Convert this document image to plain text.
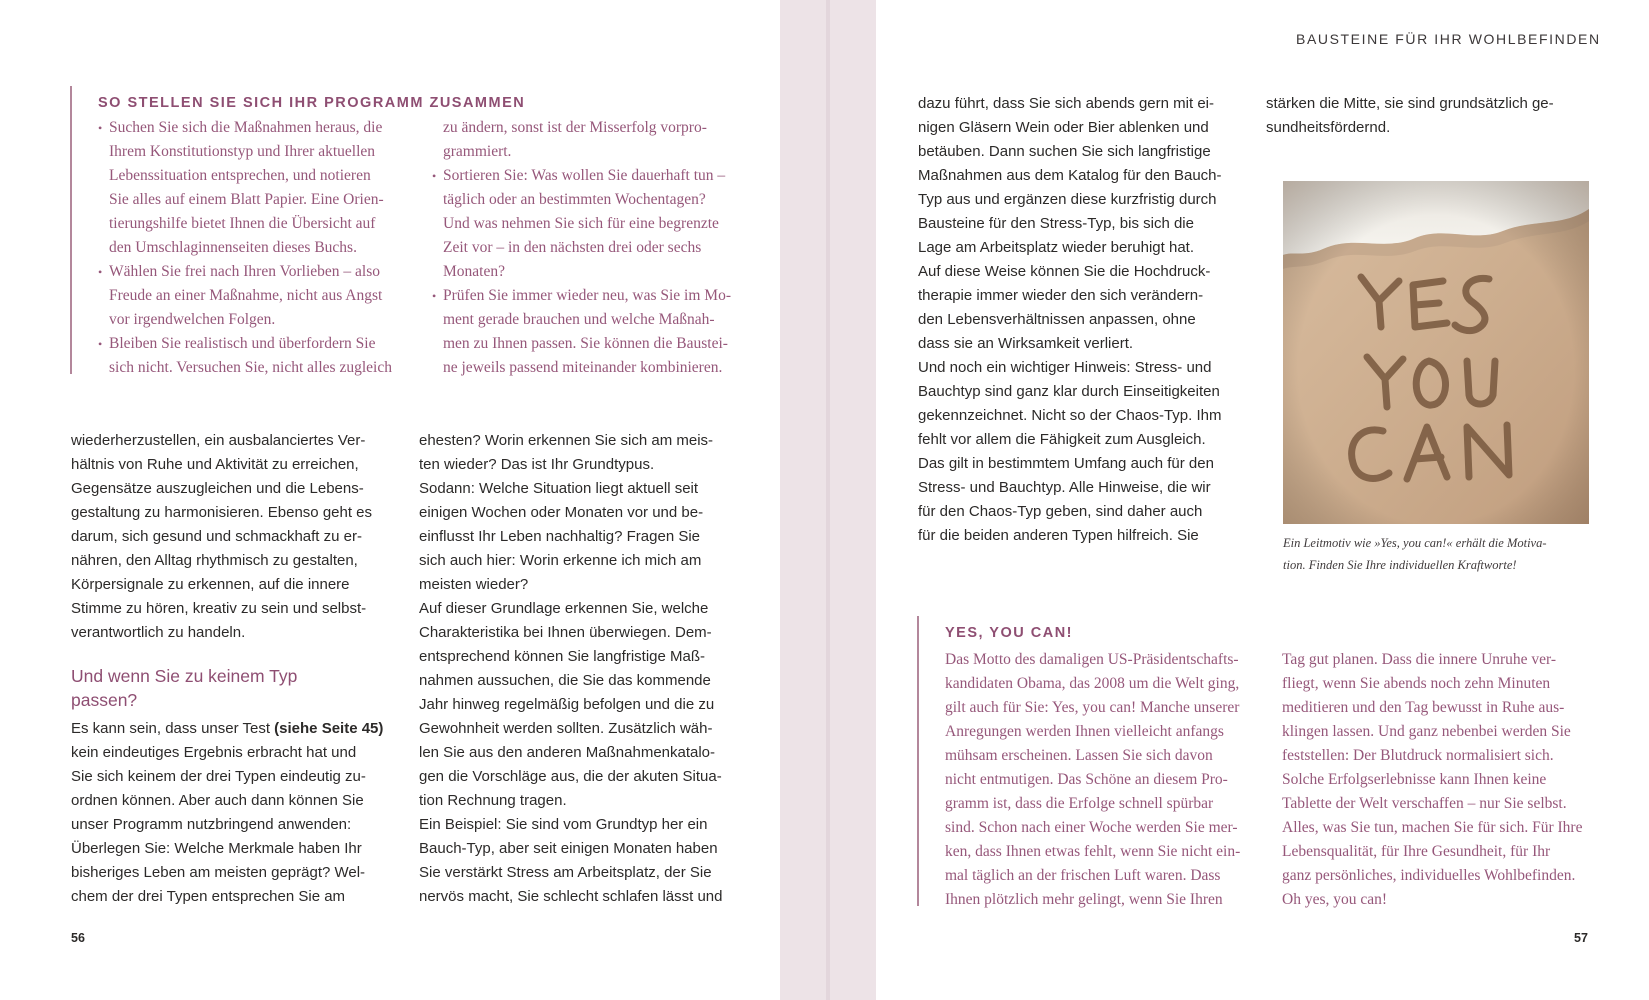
BAUSTEINE FÜR IHR WOHLBEFINDEN
SO STELLEN SIE SICH IHR PROGRAMM ZUSAMMEN
• Suchen Sie sich die Maßnahmen heraus, die
Ihrem Konstitutionstyp und Ihrer aktuellen
Lebenssituation entsprechen, und notieren
Sie alles auf einem Blatt Papier. Eine Orien-
tierungshilfe bietet Ihnen die Übersicht auf
den Umschlaginnenseiten dieses Buchs.
• Wählen Sie frei nach Ihren Vorlieben – also
Freude an einer Maßnahme, nicht aus Angst
vor irgendwelchen Folgen.
• Bleiben Sie realistisch und überfordern Sie
sich nicht. Versuchen Sie, nicht alles zugleich
zu ändern, sonst ist der Misserfolg vorpro-
grammiert.
• Sortieren Sie: Was wollen Sie dauerhaft tun –
täglich oder an bestimmten Wochentagen?
Und was nehmen Sie sich für eine begrenzte
Zeit vor – in den nächsten drei oder sechs
Monaten?
• Prüfen Sie immer wieder neu, was Sie im Mo-
ment gerade brauchen und welche Maßnah-
men zu Ihnen passen. Sie können die Baustei-
ne jeweils passend miteinander kombinieren.
wiederherzustellen, ein ausbalanciertes Ver-
hältnis von Ruhe und Aktivität zu erreichen,
Gegensätze auszugleichen und die Lebens-
gestaltung zu harmonisieren. Ebenso geht es
darum, sich gesund und schmackhaft zu er-
nähren, den Alltag rhythmisch zu gestalten,
Körpersignale zu erkennen, auf die innere
Stimme zu hören, kreativ zu sein und selbst-
verantwortlich zu handeln.
Und wenn Sie zu keinem Typ
passen?
Es kann sein, dass unser Test (siehe Seite 45)
kein eindeutiges Ergebnis erbracht hat und
Sie sich keinem der drei Typen eindeutig zu-
ordnen können. Aber auch dann können Sie
unser Programm nutzbringend anwenden:
Überlegen Sie: Welche Merkmale haben Ihr
bisheriges Leben am meisten geprägt? Wel-
chem der drei Typen entsprechen Sie am
ehesten? Worin erkennen Sie sich am meis-
ten wieder? Das ist Ihr Grundtypus.
Sodann: Welche Situation liegt aktuell seit
einigen Wochen oder Monaten vor und be-
einflusst Ihr Leben nachhaltig? Fragen Sie
sich auch hier: Worin erkenne ich mich am
meisten wieder?
Auf dieser Grundlage erkennen Sie, welche
Charakteristika bei Ihnen überwiegen. Dem-
entsprechend können Sie langfristige Maß-
nahmen aussuchen, die Sie das kommende
Jahr hinweg regelmäßig befolgen und die zu
Gewohnheit werden sollten. Zusätzlich wäh-
len Sie aus den anderen Maßnahmenkatalo-
gen die Vorschläge aus, die der akuten Situa-
tion Rechnung tragen.
Ein Beispiel: Sie sind vom Grundtyp her ein
Bauch-Typ, aber seit einigen Monaten haben
Sie verstärkt Stress am Arbeitsplatz, der Sie
nervös macht, Sie schlecht schlafen lässt und
56
dazu führt, dass Sie sich abends gern mit ei-
nigen Gläsern Wein oder Bier ablenken und
betäuben. Dann suchen Sie sich langfristige
Maßnahmen aus dem Katalog für den Bauch-
Typ aus und ergänzen diese kurzfristig durch
Bausteine für den Stress-Typ, bis sich die
Lage am Arbeitsplatz wieder beruhigt hat.
Auf diese Weise können Sie die Hochdruck-
therapie immer wieder den sich verändern-
den Lebensverhältnissen anpassen, ohne
dass sie an Wirksamkeit verliert.
Und noch ein wichtiger Hinweis: Stress- und
Bauchtyp sind ganz klar durch Einseitigkeiten
gekennzeichnet. Nicht so der Chaos-Typ. Ihm
fehlt vor allem die Fähigkeit zum Ausgleich.
Das gilt in bestimmtem Umfang auch für den
Stress- und Bauchtyp. Alle Hinweise, die wir
für den Chaos-Typ geben, sind daher auch
für die beiden anderen Typen hilfreich. Sie
stärken die Mitte, sie sind grundsätzlich ge-
sundheitsfördernd.
Ein Leitmotiv wie »Yes, you can!« erhält die Motiva-
tion. Finden Sie Ihre individuellen Kraftworte!
YES, YOU CAN!
Das Motto des damaligen US-Präsidentschafts-
kandidaten Obama, das 2008 um die Welt ging,
gilt auch für Sie: Yes, you can! Manche unserer
Anregungen werden Ihnen vielleicht anfangs
mühsam erscheinen. Lassen Sie sich davon
nicht entmutigen. Das Schöne an diesem Pro-
gramm ist, dass die Erfolge schnell spürbar
sind. Schon nach einer Woche werden Sie mer-
ken, dass Ihnen etwas fehlt, wenn Sie nicht ein-
mal täglich an der frischen Luft waren. Dass
Ihnen plötzlich mehr gelingt, wenn Sie Ihren
Tag gut planen. Dass die innere Unruhe ver-
fliegt, wenn Sie abends noch zehn Minuten
meditieren und den Tag bewusst in Ruhe aus-
klingen lassen. Und ganz nebenbei werden Sie
feststellen: Der Blutdruck normalisiert sich.
Solche Erfolgserlebnisse kann Ihnen keine
Tablette der Welt verschaffen – nur Sie selbst.
Alles, was Sie tun, machen Sie für sich. Für Ihre
Lebensqualität, für Ihre Gesundheit, für Ihr
ganz persönliches, individuelles Wohlbefinden.
Oh yes, you can!
57
